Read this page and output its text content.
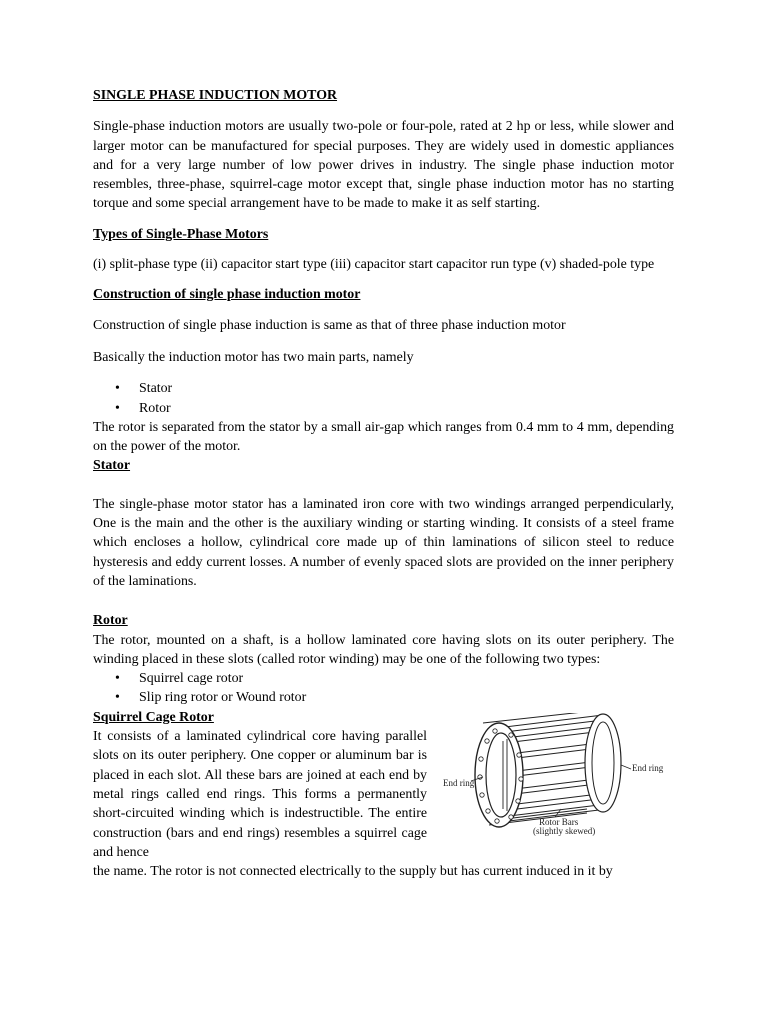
SINGLE PHASE INDUCTION MOTOR

Single-phase induction motors are usually two-pole or four-pole, rated at 2 hp or less, while slower and larger motor can be manufactured for special purposes. They are widely used in domestic appliances and for a very large number of low power drives in industry. The single phase induction motor resembles, three-phase, squirrel-cage motor except that, single phase induction motor has no starting torque and some special arrangement have to be made to make it as self starting.

Types of Single-Phase Motors

(i) split-phase type (ii) capacitor start type (iii) capacitor start capacitor run type (v) shaded-pole type

Construction of single phase induction motor

Construction of single phase induction is same as that of three phase induction motor

Basically the induction motor has two main parts, namely

• Stator
• Rotor

The rotor is separated from the stator by a small air-gap which ranges from 0.4 mm to 4 mm, depending on the power of the motor.

Stator

The single-phase motor stator has a laminated iron core with two windings arranged perpendicularly, One is the main and the other is the auxiliary winding or starting winding. It consists of a steel frame which encloses a hollow, cylindrical core made up of thin laminations of silicon steel to reduce hysteresis and eddy current losses. A number of evenly spaced slots are provided on the inner periphery of the laminations.

Rotor

The rotor, mounted on a shaft, is a hollow laminated core having slots on its outer periphery. The winding placed in these slots (called rotor winding) may be one of the following two types:

• Squirrel cage rotor
• Slip ring rotor or Wound rotor

Squirrel Cage Rotor

It consists of a laminated cylindrical core having parallel slots on its outer periphery. One copper or aluminum bar is placed in each slot. All these bars are joined at each end by metal rings called end rings. This forms a permanently short-circuited winding which is indestructible. The entire construction (bars and end rings) resembles a squirrel cage and hence

End ring
End ring
Rotor Bars
(slightly skewed)

the name. The rotor is not connected electrically to the supply but has current induced in it by
